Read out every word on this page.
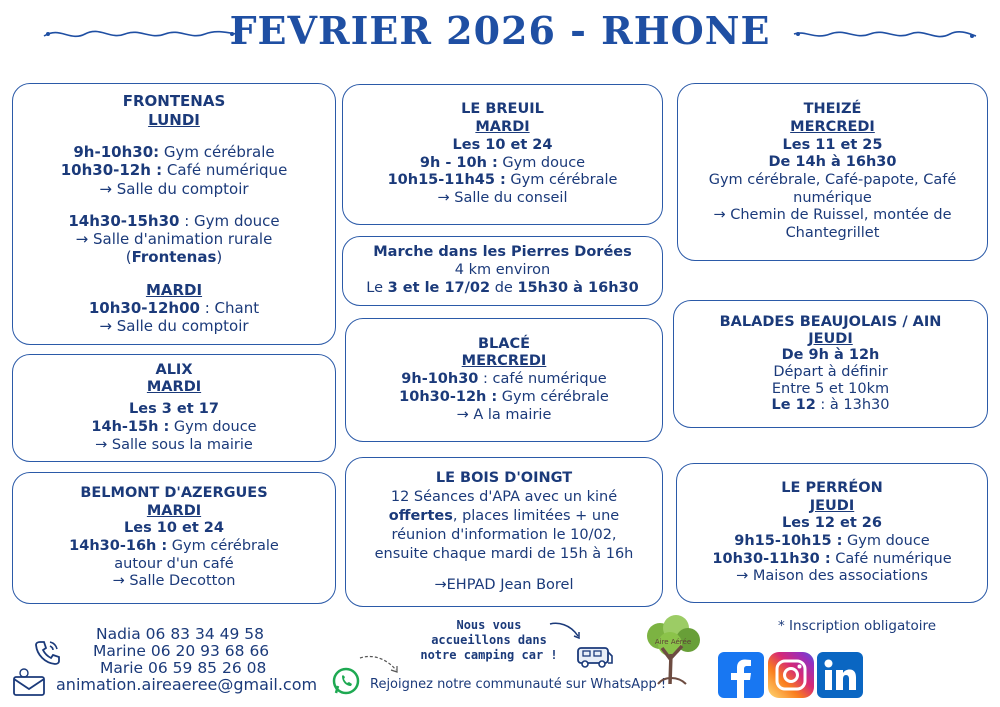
FEVRIER 2026 - RHONE
FRONTENAS
LUNDI
9h-10h30: Gym cérébrale
10h30-12h : Café numérique
→ Salle du comptoir
14h30-15h30 : Gym douce
→ Salle d'animation rurale
(Frontenas)
MARDI
10h30-12h00 : Chant
→ Salle du comptoir
ALIX
MARDI
Les 3 et 17
14h-15h : Gym douce
→ Salle sous la mairie
BELMONT D'AZERGUES
MARDI
Les 10 et 24
14h30-16h : Gym cérébrale
autour d'un café
→ Salle Decotton
LE BREUIL
MARDI
Les 10 et 24
9h - 10h : Gym douce
10h15-11h45 : Gym cérébrale
→ Salle du conseil
Marche dans les Pierres Dorées
4 km environ
Le 3 et le 17/02 de 15h30 à 16h30
BLACÉ
MERCREDI
9h-10h30 : café numérique
10h30-12h : Gym cérébrale
→ A la mairie
LE BOIS D'OINGT
12 Séances d'APA avec un kiné
offertes, places limitées + une
réunion d'information le 10/02,
ensuite chaque mardi de 15h à 16h
→EHPAD Jean Borel
THEIZÉ
MERCREDI
Les 11 et 25
De 14h à 16h30
Gym cérébrale, Café-papote, Café
numérique
→ Chemin de Ruissel, montée de
Chantegrillet
BALADES BEAUJOLAIS / AIN
JEUDI
De 9h à 12h
Départ à définir
Entre 5 et 10km
Le 12 : à 13h30
LE PERRÉON
JEUDI
Les 12 et 26
9h15-10h15 : Gym douce
10h30-11h30 : Café numérique
→ Maison des associations
Nadia 06 83 34 49 58
Marine 06 20 93 68 66
Marie 06 59 85 26 08
animation.aireaeree@gmail.com
Nous vous
accueillons dans
notre camping car !
Rejoignez notre communauté sur WhatsApp !
Aire Aérée
* Inscription obligatoire
